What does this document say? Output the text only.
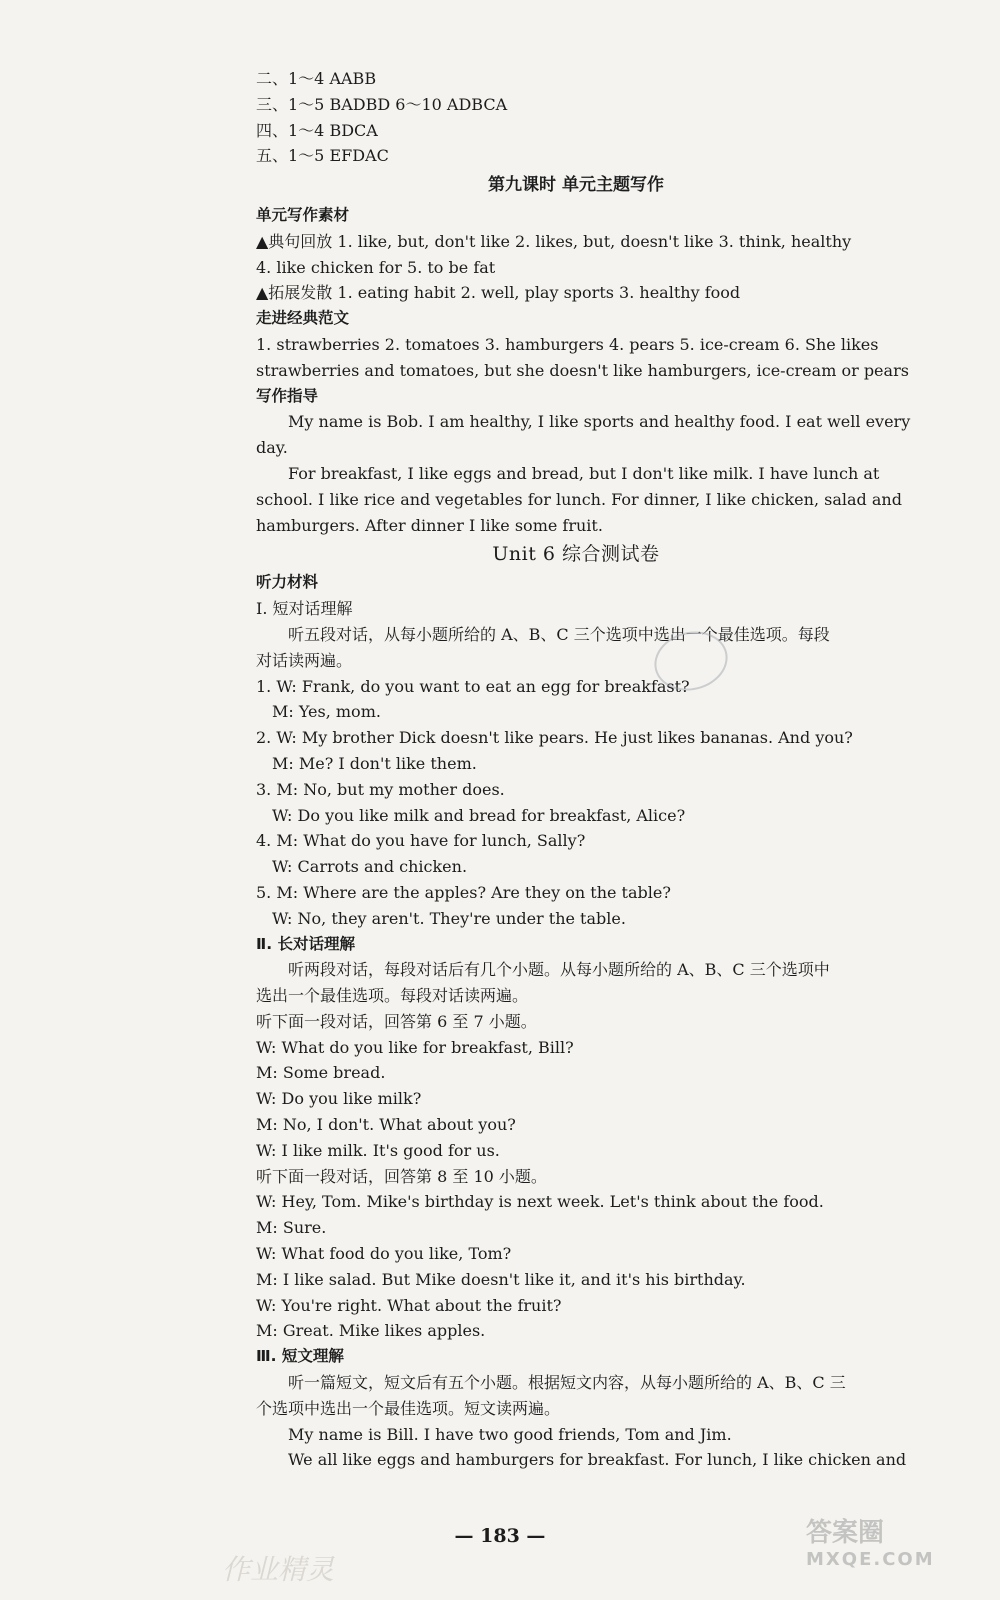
二、1～4 AABB
三、1～5 BADBD 6～10 ADBCA
四、1～4 BDCA
五、1～5 EFDAC
第九课时 单元主题写作
单元写作素材
▲典句回放 1. like, but, don't like 2. likes, but, doesn't like 3. think, healthy
4. like chicken for 5. to be fat
▲拓展发散 1. eating habit 2. well, play sports 3. healthy food
走进经典范文
1. strawberries 2. tomatoes 3. hamburgers 4. pears 5. ice-cream 6. She likes
strawberries and tomatoes, but she doesn't like hamburgers, ice-cream or pears
写作指导
My name is Bob. I am healthy, I like sports and healthy food. I eat well every
day.
For breakfast, I like eggs and bread, but I don't like milk. I have lunch at
school. I like rice and vegetables for lunch. For dinner, I like chicken, salad and
hamburgers. After dinner I like some fruit.
Unit 6 综合测试卷
听力材料
Ⅰ. 短对话理解
听五段对话，从每小题所给的 A、B、C 三个选项中选出一个最佳选项。每段
对话读两遍。
1. W: Frank, do you want to eat an egg for breakfast?
M: Yes, mom.
2. W: My brother Dick doesn't like pears. He just likes bananas. And you?
M: Me? I don't like them.
3. M: No, but my mother does.
W: Do you like milk and bread for breakfast, Alice?
4. M: What do you have for lunch, Sally?
W: Carrots and chicken.
5. M: Where are the apples? Are they on the table?
W: No, they aren't. They're under the table.
Ⅱ. 长对话理解
听两段对话，每段对话后有几个小题。从每小题所给的 A、B、C 三个选项中
选出一个最佳选项。每段对话读两遍。
听下面一段对话，回答第 6 至 7 小题。
W: What do you like for breakfast, Bill?
M: Some bread.
W: Do you like milk?
M: No, I don't. What about you?
W: I like milk. It's good for us.
听下面一段对话，回答第 8 至 10 小题。
W: Hey, Tom. Mike's birthday is next week. Let's think about the food.
M: Sure.
W: What food do you like, Tom?
M: I like salad. But Mike doesn't like it, and it's his birthday.
W: You're right. What about the fruit?
M: Great. Mike likes apples.
Ⅲ. 短文理解
听一篇短文，短文后有五个小题。根据短文内容，从每小题所给的 A、B、C 三
个选项中选出一个最佳选项。短文读两遍。
My name is Bill. I have two good friends, Tom and Jim.
We all like eggs and hamburgers for breakfast. For lunch, I like chicken and
— 183 —	答案圈
MXQE.COM
作业精灵
